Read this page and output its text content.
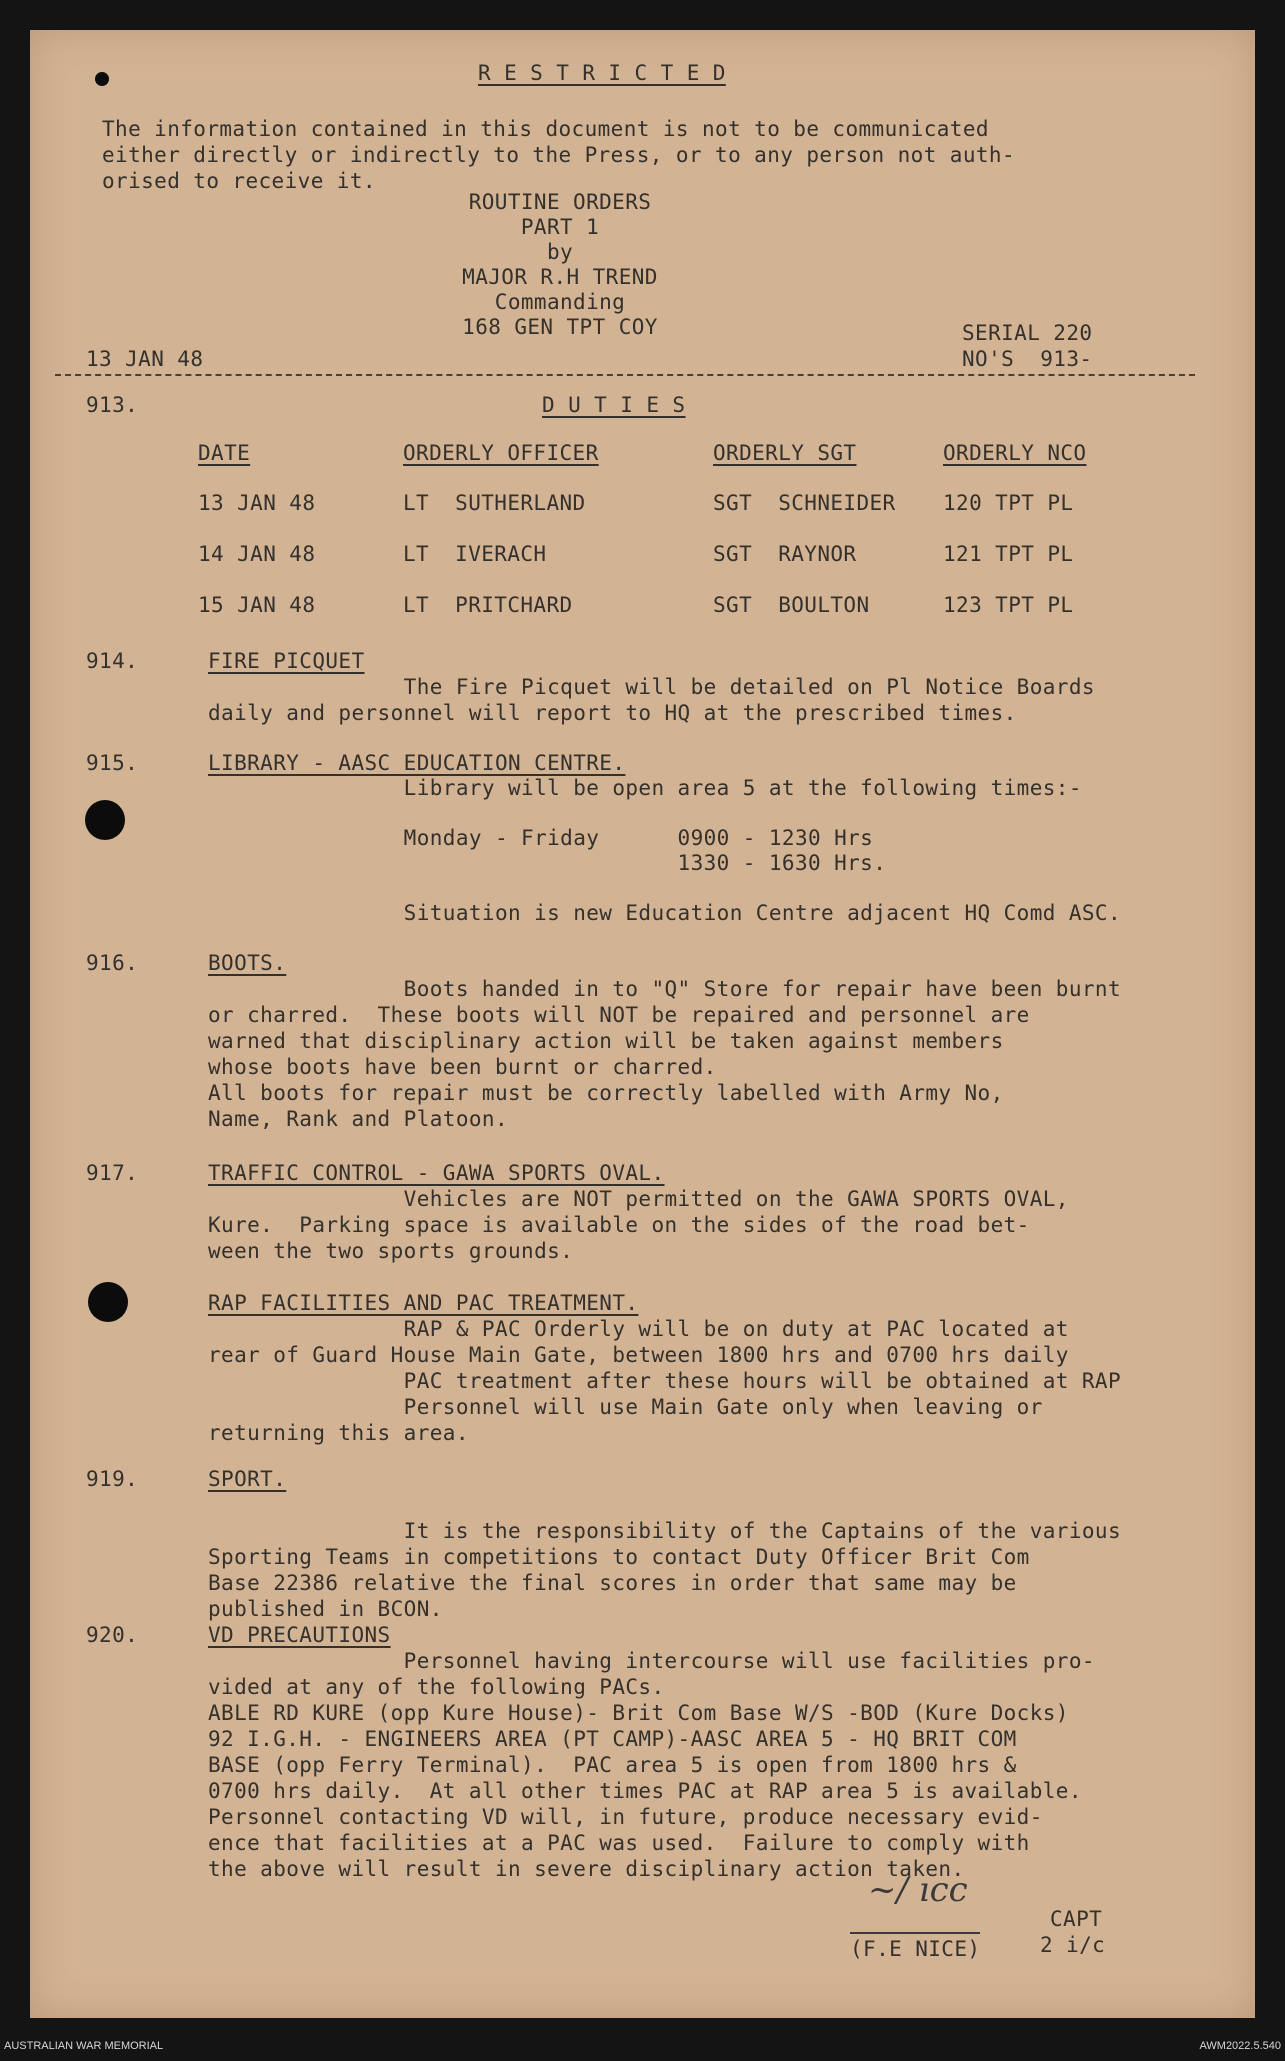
R E S T R I C T E D
The information contained in this document is not to be communicated
either directly or indirectly to the Press, or to any person not auth-
orised to receive it.
ROUTINE ORDERS
PART 1
by
MAJOR R.H TREND
Commanding
168 GEN TPT COY	SERIAL 220
NO'S  913-
13 JAN 48
913.	D U T I E S
DATE	ORDERLY OFFICER	ORDERLY SGT	ORDERLY NCO
13 JAN 48	LT  SUTHERLAND	SGT  SCHNEIDER 120 TPT PL
14 JAN 48	LT  IVERACH	SGT  RAYNOR	121 TPT PL
15 JAN 48	LT  PRITCHARD	SGT  BOULTON	123 TPT PL
914.	FIRE PICQUET
The Fire Picquet will be detailed on Pl Notice Boards
daily and personnel will report to HQ at the prescribed times.
915.	LIBRARY - AASC EDUCATION CENTRE.
Library will be open area 5 at the following times:-

Monday - Friday      0900 - 1230 Hrs
1330 - 1630 Hrs.

Situation is new Education Centre adjacent HQ Comd ASC.
916.	BOOTS.
Boots handed in to "Q" Store for repair have been burnt
or charred.  These boots will NOT be repaired and personnel are
warned that disciplinary action will be taken against members
whose boots have been burnt or charred.
All boots for repair must be correctly labelled with Army No,
Name, Rank and Platoon.
917.	TRAFFIC CONTROL - GAWA SPORTS OVAL.
Vehicles are NOT permitted on the GAWA SPORTS OVAL,
Kure.  Parking space is available on the sides of the road bet-
ween the two sports grounds.
RAP FACILITIES AND PAC TREATMENT.
RAP & PAC Orderly will be on duty at PAC located at
rear of Guard House Main Gate, between 1800 hrs and 0700 hrs daily
PAC treatment after these hours will be obtained at RAP
Personnel will use Main Gate only when leaving or
returning this area.
919.	SPORT.

It is the responsibility of the Captains of the various
Sporting Teams in competitions to contact Duty Officer Brit Com
Base 22386 relative the final scores in order that same may be
published in BCON.
920.	VD PRECAUTIONS
Personnel having intercourse will use facilities pro-
vided at any of the following PACs.
ABLE RD KURE (opp Kure House)- Brit Com Base W/S -BOD (Kure Docks)
92 I.G.H. - ENGINEERS AREA (PT CAMP)-AASC AREA 5 - HQ BRIT COM
BASE (opp Ferry Terminal).  PAC area 5 is open from 1800 hrs &
0700 hrs daily.  At all other times PAC at RAP area 5 is available.
Personnel contacting VD will, in future, produce necessary evid-
ence that facilities at a PAC was used.  Failure to comply with
the above will result in severe disciplinary action taken.
~/ ıcc
CAPT
(F.E NICE)	2 i/c
AUSTRALIAN WAR MEMORIAL	AWM2022.5.540
